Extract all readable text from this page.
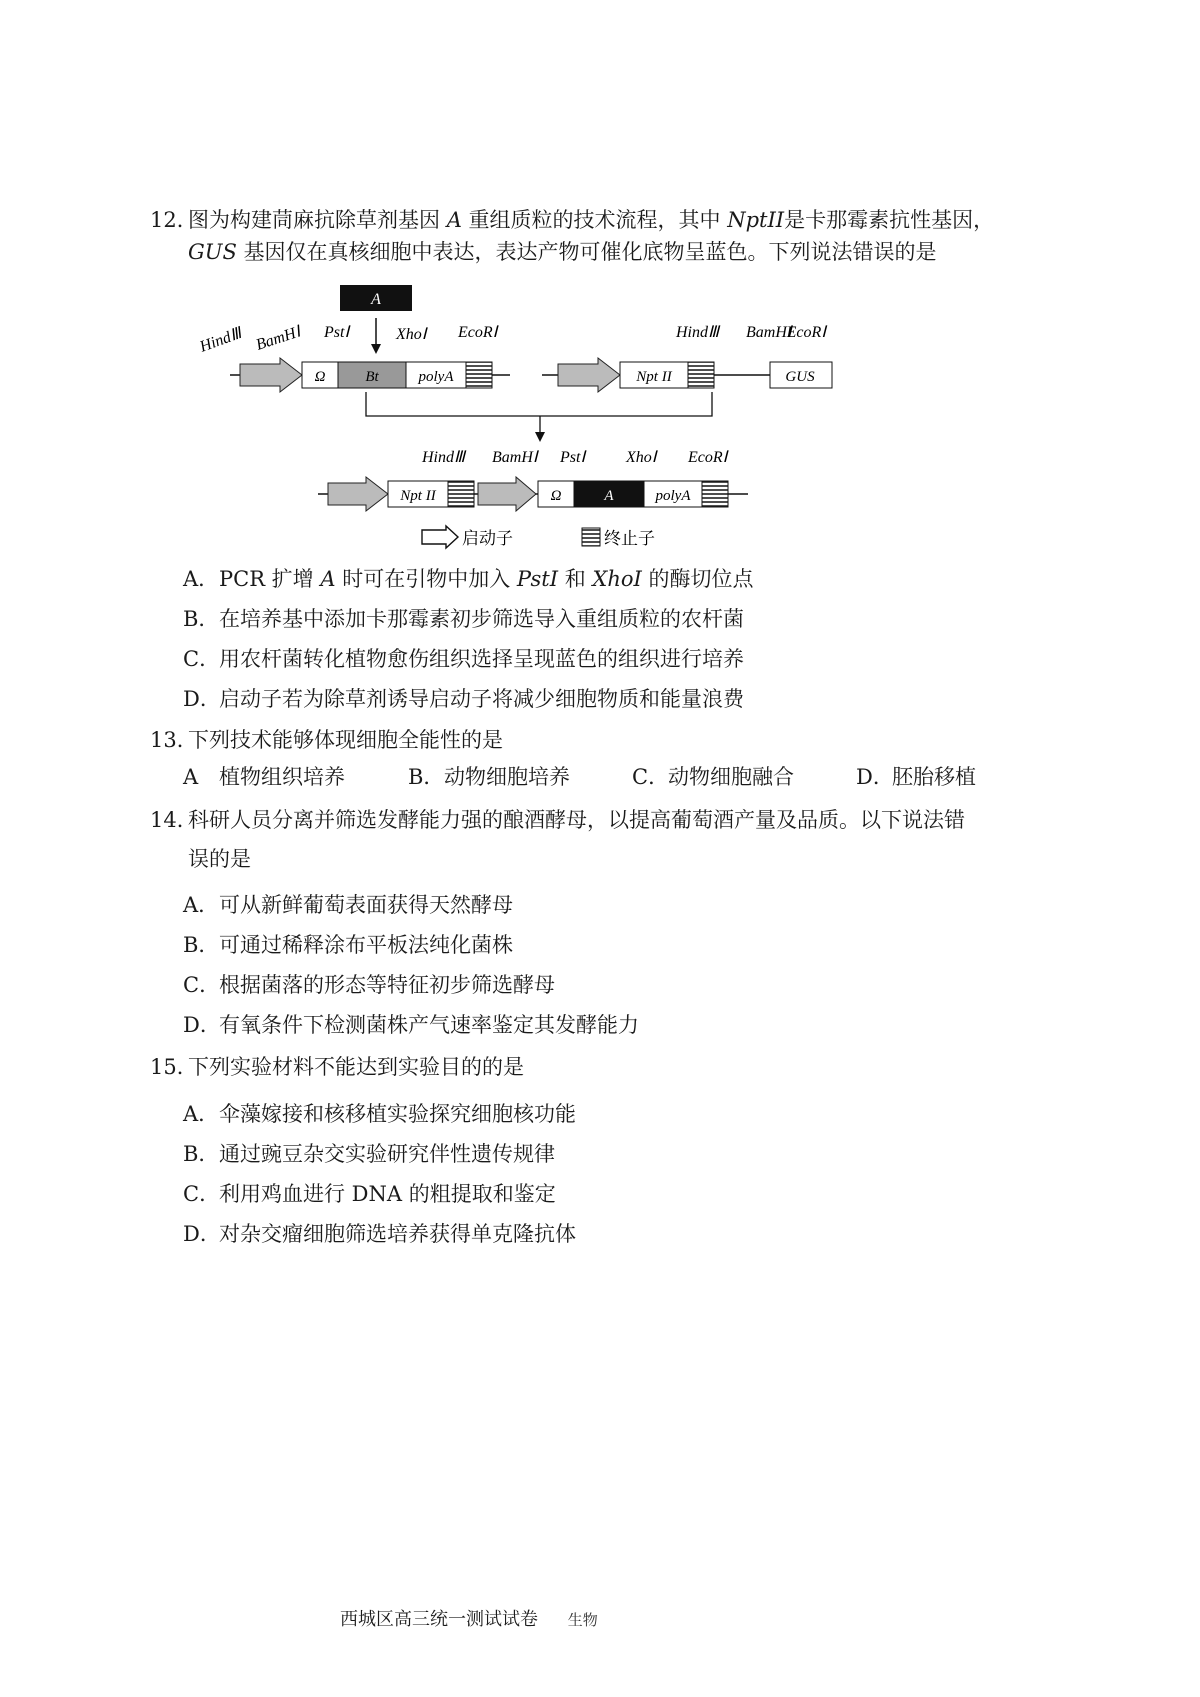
12．
图为构建茼麻抗除草剂基因 A 重组质粒的技术流程，其中 NptII是卡那霉素抗性基因，
GUS 基因仅在真核细胞中表达，表达产物可催化底物呈蓝色。下列说法错误的是
A
HindⅢ BamHⅠ PstⅠ	XhoⅠ EcoRⅠ
Ω	Bt	polyA
HindⅢ BamHⅠ
EcoRⅠ
Npt II	GUS
HindⅢ BamHⅠ PstⅠ	XhoⅠ EcoRⅠ
Npt II	Ω	A	polyA
启动子	终止子
A．PCR 扩增 A 时可在引物中加入 PstⅠ 和 XhoⅠ 的酶切位点
B．在培养基中添加卡那霉素初步筛选导入重组质粒的农杆菌
C．用农杆菌转化植物愈伤组织选择呈现蓝色的组织进行培养
D．启动子若为除草剂诱导启动子将减少细胞物质和能量浪费
13．
下列技术能够体现细胞全能性的是
A 植物组织培养	B．动物细胞培养	C．动物细胞融合	D．胚胎移植
14．
科研人员分离并筛选发酵能力强的酿酒酵母，以提高葡萄酒产量及品质。以下说法错
误的是
A．可从新鲜葡萄表面获得天然酵母
B．可通过稀释涂布平板法纯化菌株
C．根据菌落的形态等特征初步筛选酵母
D．有氧条件下检测菌株产气速率鉴定其发酵能力
15．
下列实验材料不能达到实验目的的是
A．伞藻嫁接和核移植实验探究细胞核功能
B．通过豌豆杂交实验研究伴性遗传规律
C．利用鸡血进行 DNA 的粗提取和鉴定
D．对杂交瘤细胞筛选培养获得单克隆抗体
西城区高三统一测试试卷 生物
